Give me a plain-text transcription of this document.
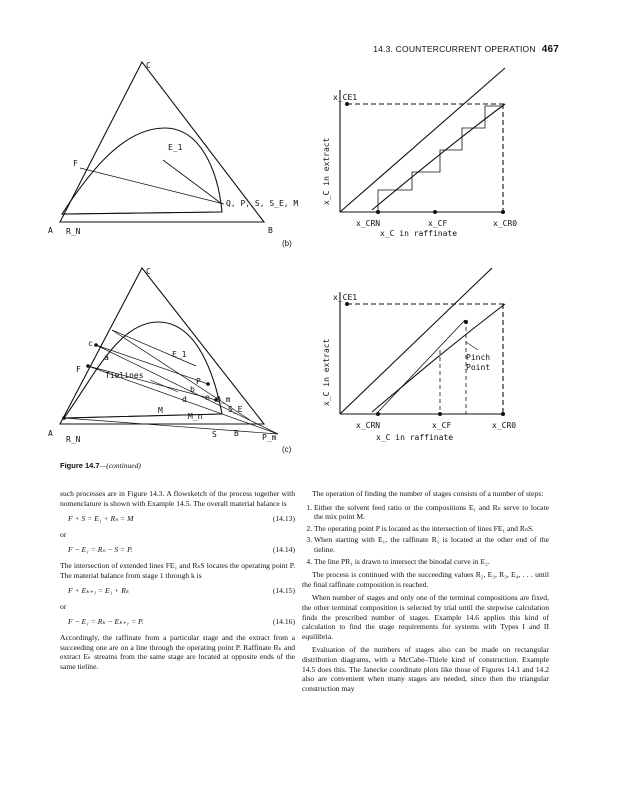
14.3. COUNTERCURRENT OPERATION 467
C
A	B
R_N
F
E_1
Q, P, S, S_E, M
x_CE1
x_CRN	x_CF	x_CR0
x_C in raffinate
x_C in extract
(b)
C
A	B
R_N
F
E_1
Tielines
c
a
b
d e Q_m
S_E
M_n
M
P
S	P_m
x_CE1
x_CRN	x_CF	x_CR0
x_C in raffinate
x_C in extract	Pinch
Point
(c)
Figure 14.7—(continued)

such processes are in Figure 14.3. A flowsketch of the process together with nomenclature is shown with Example 14.5. The overall material balance is

F + S = E₁ + Rₙ = M	(14.13)
or
F − E₁ = Rₙ − S = P.	(14.14)

The intersection of extended lines FE₁ and RₙS locates the operating point P. The material balance from stage 1 through k is

F + Eₖ₊₁ = E₁ + Rₖ	(14.15)
or
F − E₁ = Rₖ − Eₖ₊₁ = P.	(14.16)

Accordingly, the raffinate from a particular stage and the extract from a succeeding one are on a line through the operating point P. Raffinate Rₖ and extract Eₖ streams from the same stage are located at opposite ends of the same tieline.

The operation of finding the number of stages consists of a number of steps:

1. Either the solvent feed ratio or the compositions E₁ and Rₙ serve to locate the mix point M.
2. The operating point P is located as the intersection of lines FE₁ and RₙS.
3. When starting with E₁, the raffinate R₁ is located at the other end of the tieline.
4. The line PR₁ is drawn to intersect the binodal curve in E₂.

The process is continued with the succeeding values R₂, E₃, R₃, E₄, . . . until the final raffinate composition is reached.

When number of stages and only one of the terminal compositions are fixed, the other terminal composition is selected by trial until the stepwise calculation finds the prescribed number of stages. Example 14.6 applies this kind of calculation to find the stage requirements for systems with Types I and II equilibria.

Evaluation of the numbers of stages also can be made on rectangular distribution diagrams, with a McCabe–Thiele kind of construction. Example 14.5 does this. The Janecke coordinate plots like those of Figures 14.1 and 14.2 also are convenient when many stages are needed, since then the triangular construction may
